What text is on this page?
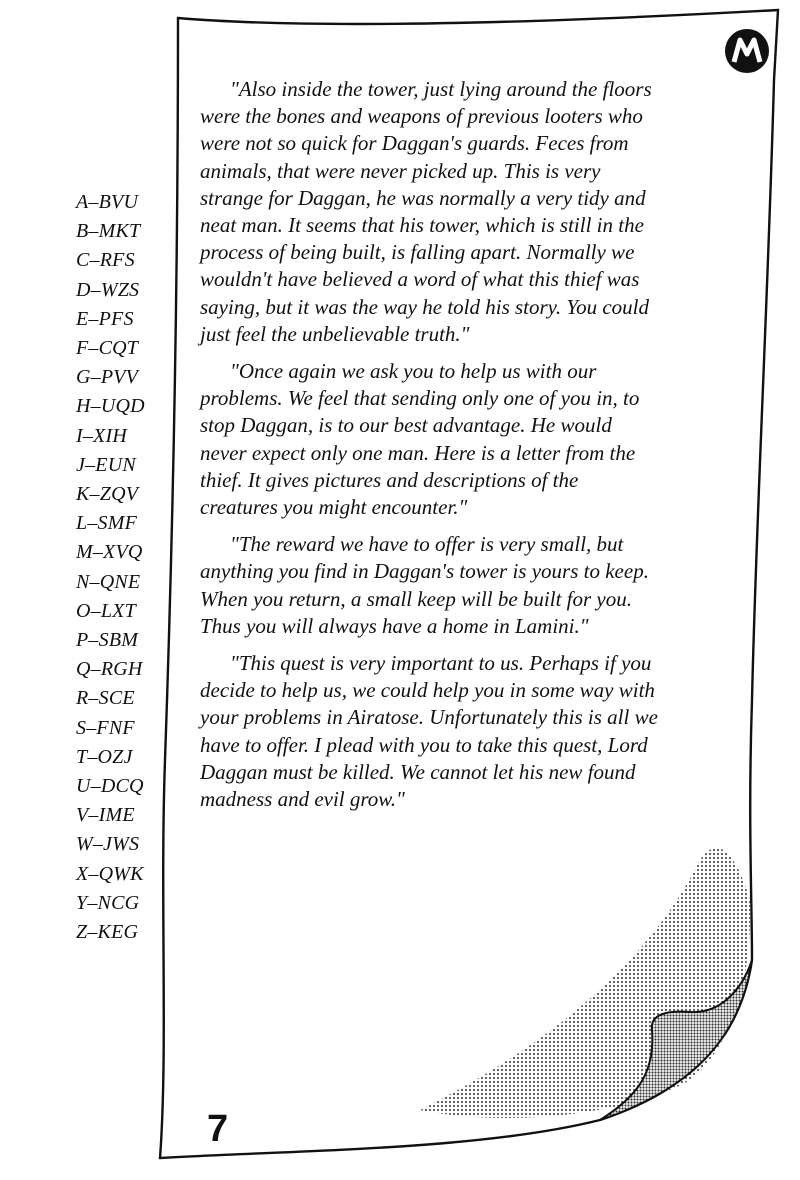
A–BVU
B–MKT
C–RFS
D–WZS
E–PFS
F–CQT
G–PVV
H–UQD
I–XIH
J–EUN
K–ZQV
L–SMF
M–XVQ
N–QNE
O–LXT
P–SBM
Q–RGH
R–SCE
S–FNF
T–OZJ
U–DCQ
V–IME
W–JWS
X–QWK
Y–NCG
Z–KEG
"Also inside the tower, just lying around the floors
were the bones and weapons of previous looters who
were not so quick for Daggan's guards. Feces from
animals, that were never picked up. This is very
strange for Daggan, he was normally a very tidy and
neat man. It seems that his tower, which is still in the
process of being built, is falling apart. Normally we
wouldn't have believed a word of what this thief was
saying, but it was the way he told his story. You could
just feel the unbelievable truth."
"Once again we ask you to help us with our
problems. We feel that sending only one of you in, to
stop Daggan, is to our best advantage. He would
never expect only one man. Here is a letter from the
thief. It gives pictures and descriptions of the
creatures you might encounter."
"The reward we have to offer is very small, but
anything you find in Daggan's tower is yours to keep.
When you return, a small keep will be built for you.
Thus you will always have a home in Lamini."
"This quest is very important to us. Perhaps if you
decide to help us, we could help you in some way with
your problems in Airatose. Unfortunately this is all we
have to offer. I plead with you to take this quest, Lord
Daggan must be killed. We cannot let his new found
madness and evil grow."
7
